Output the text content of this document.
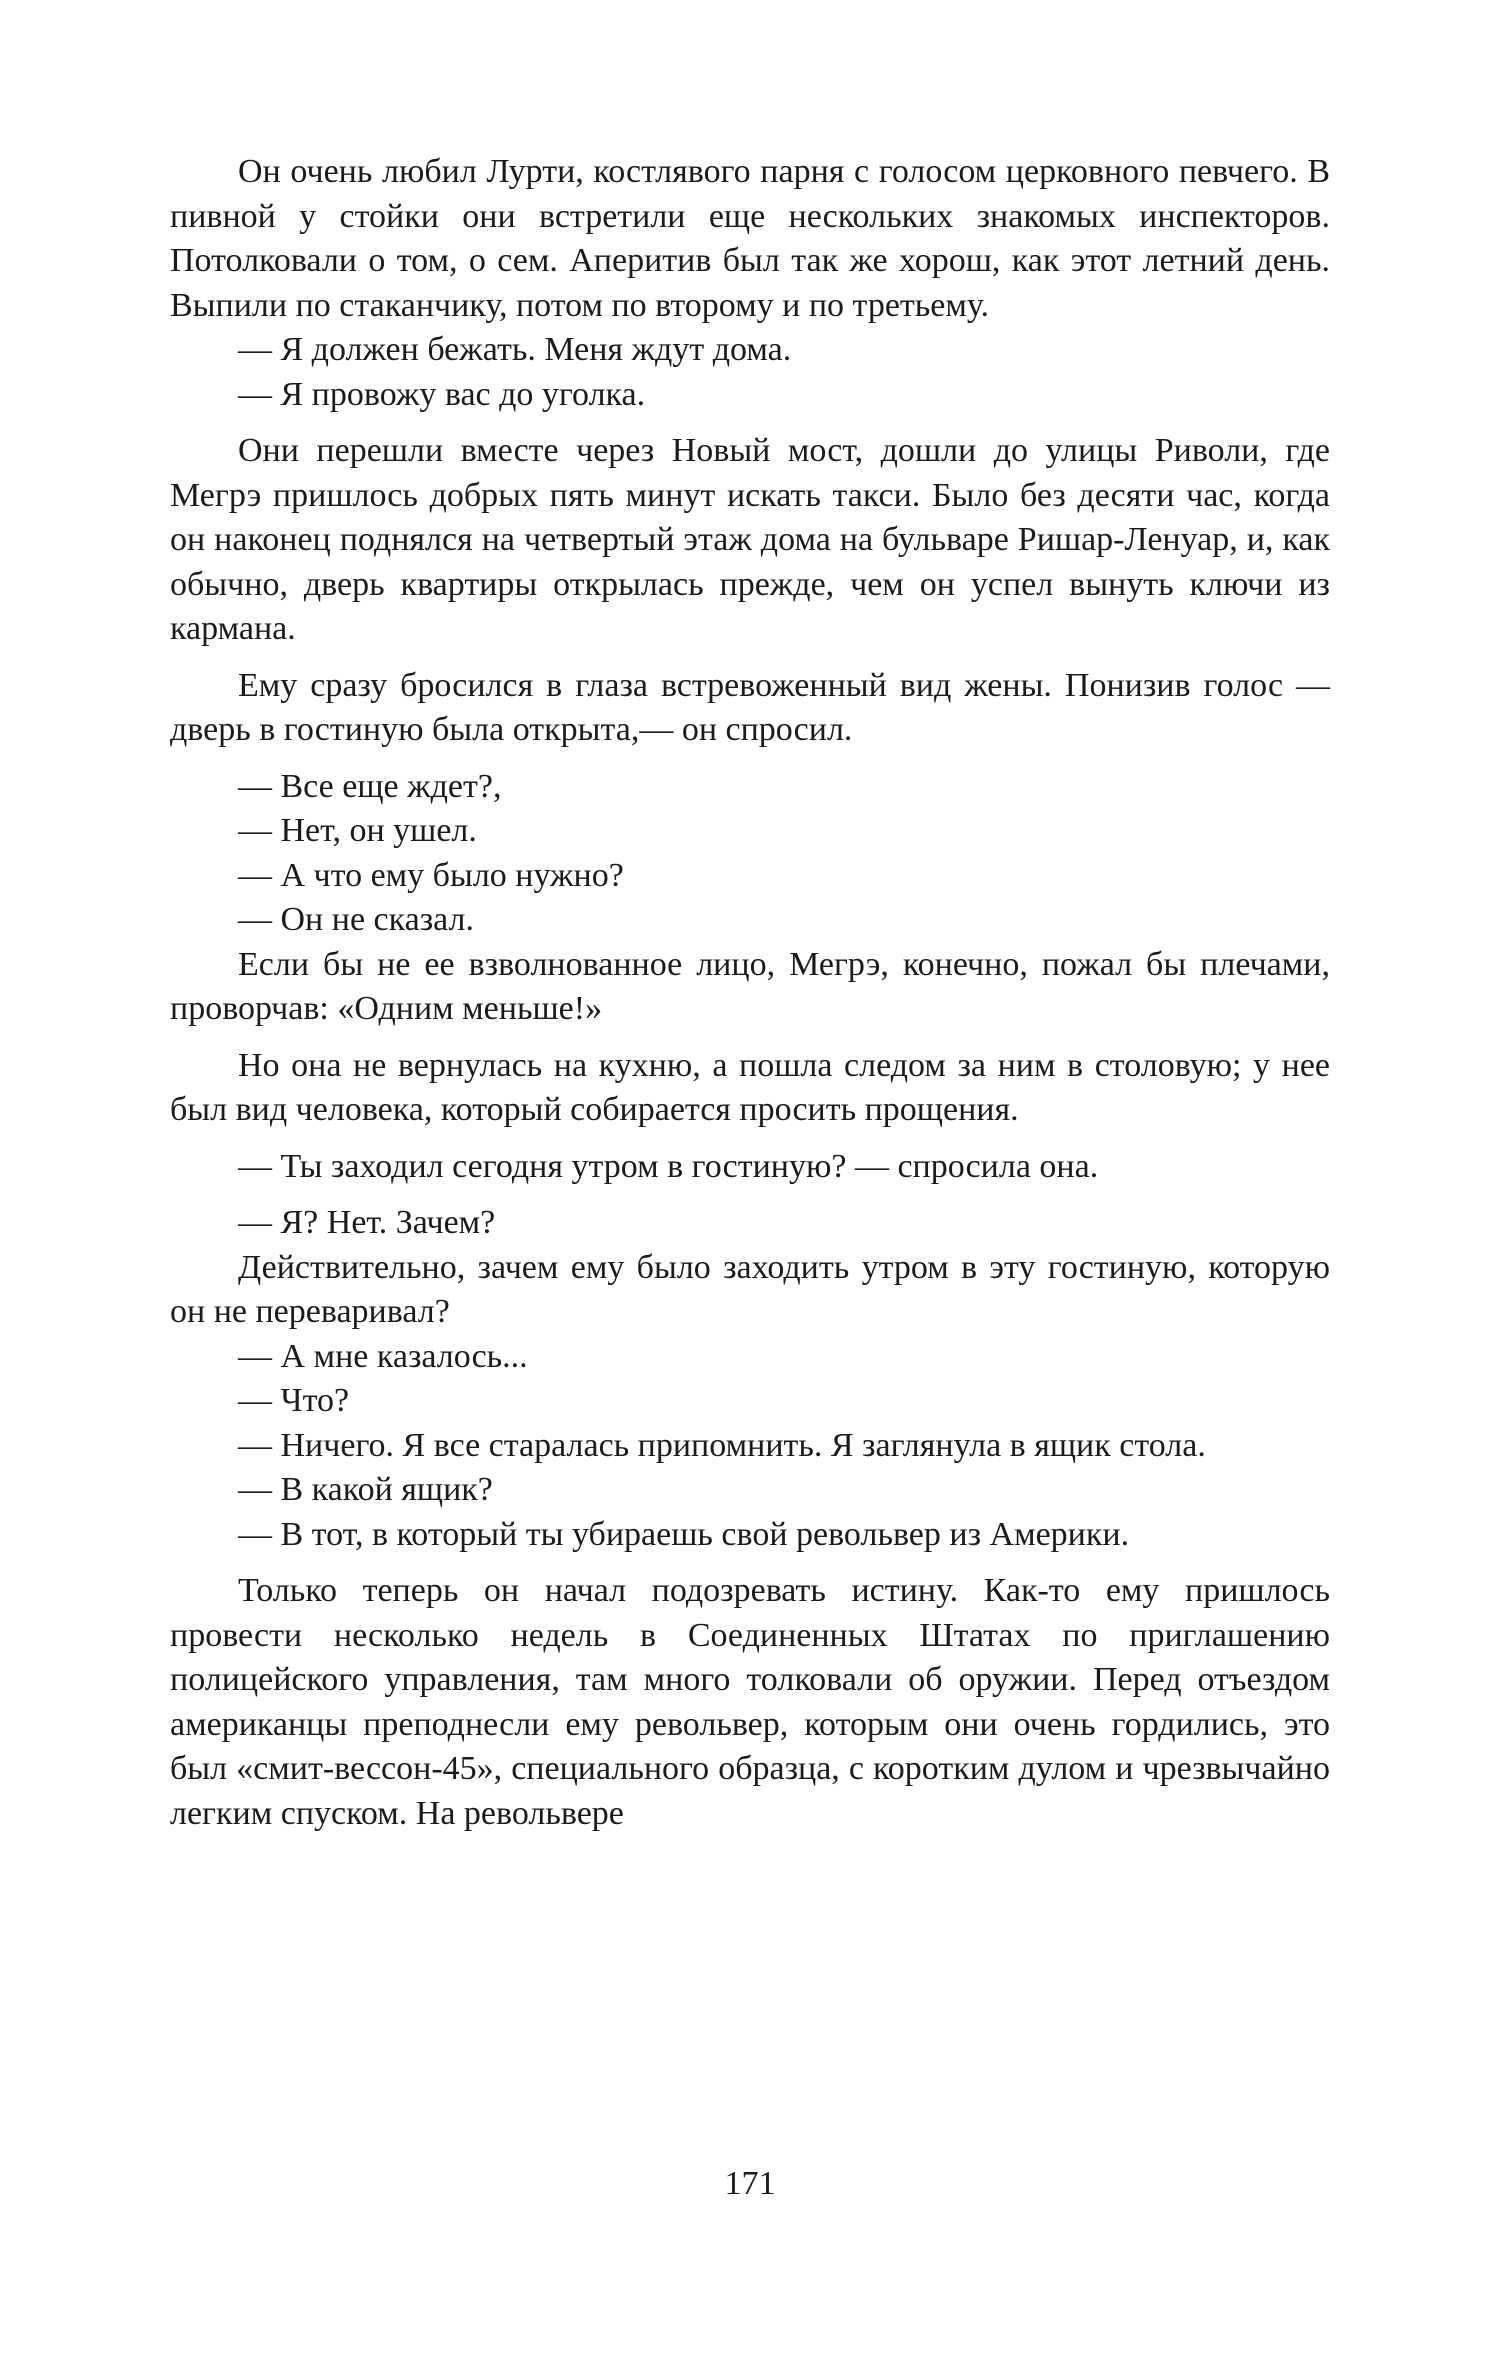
Он очень любил Лурти, костлявого парня с голосом церковного певчего. В пивной у стойки они встретили еще нескольких знакомых инспекторов. Потолковали о том, о сем. Аперитив был так же хорош, как этот летний день. Выпили по стаканчику, потом по второму и по третьему.

— Я должен бежать. Меня ждут дома.

— Я провожу вас до уголка.

Они перешли вместе через Новый мост, дошли до улицы Риволи, где Мегрэ пришлось добрых пять минут искать такси. Было без десяти час, когда он наконец поднялся на четвертый этаж дома на бульваре Ришар-Ленуар, и, как обычно, дверь квартиры открылась прежде, чем он успел вынуть ключи из кармана.

Ему сразу бросился в глаза встревоженный вид жены. Понизив голос — дверь в гостиную была открыта,— он спросил.

— Все еще ждет?,

— Нет, он ушел.

— А что ему было нужно?

— Он не сказал.

Если бы не ее взволнованное лицо, Мегрэ, конечно, пожал бы плечами, проворчав: «Одним меньше!»

Но она не вернулась на кухню, а пошла следом за ним в столовую; у нее был вид человека, который собирается просить прощения.

— Ты заходил сегодня утром в гостиную? — спросила она.

— Я? Нет. Зачем?

Действительно, зачем ему было заходить утром в эту гостиную, которую он не переваривал?

— А мне казалось...

— Что?

— Ничего. Я все старалась припомнить. Я заглянула в ящик стола.

— В какой ящик?

— В тот, в который ты убираешь свой револьвер из Америки.

Только теперь он начал подозревать истину. Как-то ему пришлось провести несколько недель в Соединенных Штатах по приглашению полицейского управления, там много толковали об оружии. Перед отъездом американцы преподнесли ему револьвер, которым они очень гордились, это был «смит-вессон-45», специального образца, с коротким дулом и чрезвычайно легким спуском. На револьвере

171
